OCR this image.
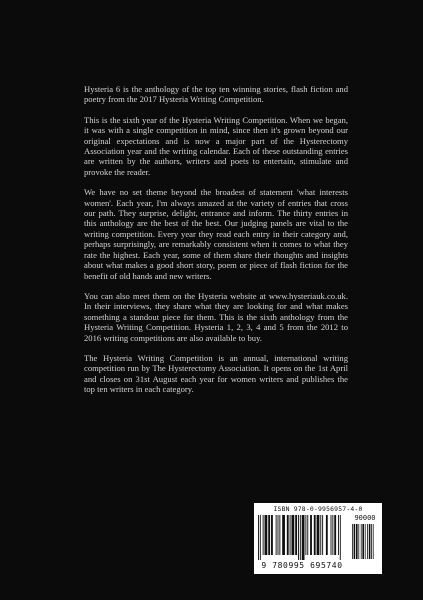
Hysteria 6 is the anthology of the top ten winning stories, flash fiction and poetry from the 2017 Hysteria Writing Competition.

This is the sixth year of the Hysteria Writing Competition. When we began, it was with a single competition in mind, since then it's grown beyond our original expectations and is now a major part of the Hysterectomy Association year and the writing calendar. Each of these outstanding entries are written by the authors, writers and poets to entertain, stimulate and provoke the reader.

We have no set theme beyond the broadest of statement 'what interests women'. Each year, I'm always amazed at the variety of entries that cross our path. They surprise, delight, entrance and inform. The thirty entries in this anthology are the best of the best. Our judging panels are vital to the writing competition. Every year they read each entry in their category and, perhaps surprisingly, are remarkably consistent when it comes to what they rate the highest. Each year, some of them share their thoughts and insights about what makes a good short story, poem or piece of flash fiction for the benefit of old hands and new writers.

You can also meet them on the Hysteria website at www.hysteriauk.co.uk. In their interviews, they share what they are looking for and what makes something a standout piece for them. This is the sixth anthology from the Hysteria Writing Competition. Hysteria 1, 2, 3, 4 and 5 from the 2012 to 2016 writing competitions are also available to buy.

The Hysteria Writing Competition is an annual, international writing competition run by The Hysterectomy Association. It opens on the 1st April and closes on 31st August each year for women writers and publishes the top ten writers in each category.

ISBN 978-0-9956957-4-0
90000
9 780995 695740
